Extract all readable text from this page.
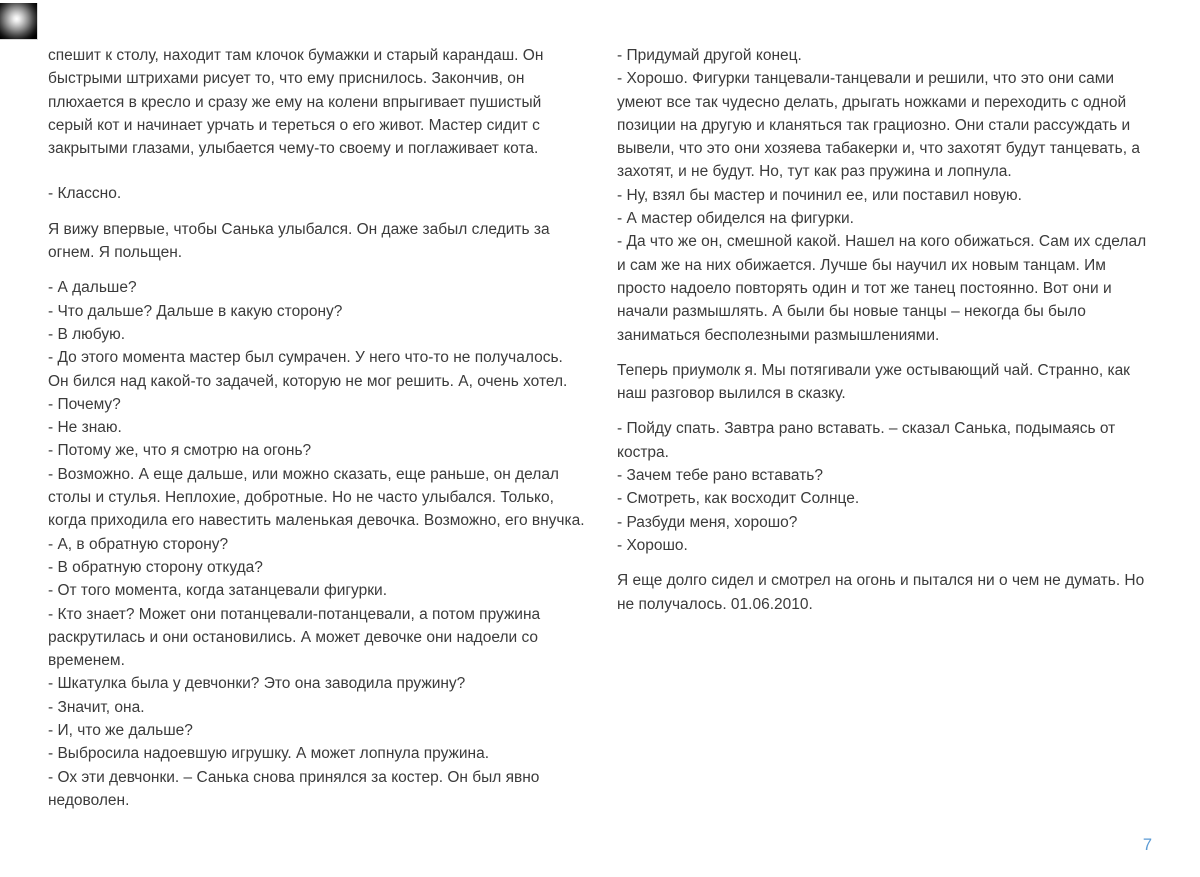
спешит к столу, находит там клочок бумажки и старый карандаш. Он быстрыми штрихами рисует то, что ему приснилось. Закончив, он плюхается в кресло и сразу же ему на колени впрыгивает пушистый серый кот и начинает урчать и тереться о его живот. Мастер сидит с закрытыми глазами, улыбается чему-то своему и поглаживает кота.

- Классно.

Я вижу впервые, чтобы Санька улыбался. Он даже забыл следить за огнем. Я польщен.

- А дальше?

- Что дальше? Дальше в какую сторону?

- В любую.

- До этого момента мастер был сумрачен. У него что-то не получалось. Он бился над какой-то задачей, которую не мог решить. А, очень хотел.

- Почему?

- Не знаю.

- Потому же, что я смотрю на огонь?

- Возможно. А еще дальше, или можно сказать, еще раньше, он делал столы и стулья. Неплохие, добротные. Но не часто улыбался. Только, когда приходила его навестить маленькая девочка. Возможно, его внучка.

- А, в обратную сторону?

- В обратную сторону откуда?

- От того момента, когда затанцевали фигурки.

- Кто знает? Может они потанцевали-потанцевали, а потом пружина раскрутилась и они остановились. А может девочке они надоели со временем.

- Шкатулка была у девчонки? Это она заводила пружину?

- Значит, она.

- И, что же дальше?

- Выбросила надоевшую игрушку. А может лопнула пружина.

- Ох эти девчонки. – Санька снова принялся за костер. Он был явно недоволен.

- Придумай другой конец.

- Хорошо. Фигурки танцевали-танцевали и решили, что это они сами умеют все так чудесно делать, дрыгать ножками и переходить с одной позиции на другую и кланяться так грациозно. Они стали рассуждать и вывели, что это они хозяева табакерки и, что захотят будут танцевать, а захотят, и не будут. Но, тут как раз пружина и лопнула.

- Ну, взял бы мастер и починил ее, или поставил новую.

- А мастер обиделся на фигурки.

- Да что же он, смешной какой. Нашел на кого обижаться. Сам их сделал и сам же на них обижается. Лучше бы научил их новым танцам. Им просто надоело повторять один и тот же танец постоянно. Вот они и начали размышлять. А были бы новые танцы – некогда бы было заниматься бесполезными размышлениями.

Теперь приумолк я. Мы потягивали уже остывающий чай. Странно, как наш разговор вылился в сказку.

- Пойду спать. Завтра рано вставать. – сказал Санька, подымаясь от костра.

- Зачем тебе рано вставать?

- Смотреть, как восходит Солнце.

- Разбуди меня, хорошо?

- Хорошо.

Я еще долго сидел и смотрел на огонь и пытался ни о чем не думать. Но не получалось. 01.06.2010.

7
